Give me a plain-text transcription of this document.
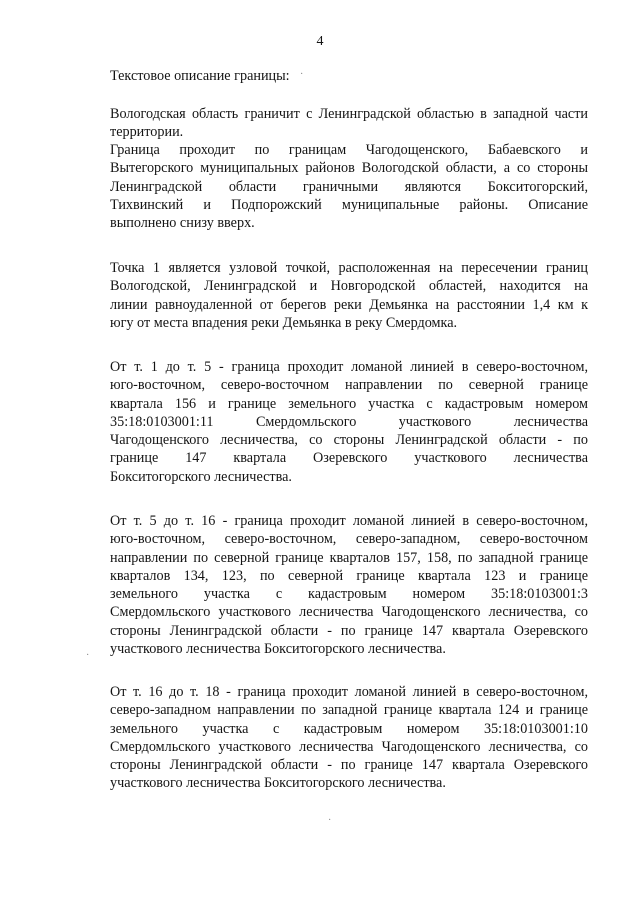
4
Текстовое описание границы:
Вологодская область граничит с Ленинградской областью в западной части
территории.
Граница проходит по границам Чагодощенского, Бабаевского и
Вытегорского муниципальных районов Вологодской области, а со стороны
Ленинградской области граничными являются Бокситогорский,
Тихвинский и Подпорожский муниципальные районы. Описание
выполнено снизу вверх.
Точка 1 является узловой точкой, расположенная на пересечении границ
Вологодской, Ленинградской и Новгородской областей, находится на
линии равноудаленной от берегов реки Демьянка на расстоянии 1,4 км к
югу от места впадения реки Демьянка в реку Смердомка.
От т. 1 до т. 5 - граница проходит ломаной линией в северо-восточном,
юго-восточном, северо-восточном направлении по северной границе
квартала 156 и границе земельного участка с кадастровым номером
35:18:0103001:11 Смердомльского участкового лесничества
Чагодощенского лесничества, со стороны Ленинградской области - по
границе 147 квартала Озеревского участкового лесничества
Бокситогорского лесничества.
От т. 5 до т. 16 - граница проходит ломаной линией в северо-восточном,
юго-восточном, северо-восточном, северо-западном, северо-восточном
направлении по северной границе кварталов 157, 158, по западной границе
кварталов 134, 123, по северной границе квартала 123 и границе
земельного участка с кадастровым номером 35:18:0103001:3
Смердомльского участкового лесничества Чагодощенского лесничества, со
стороны Ленинградской области - по границе 147 квартала Озеревского
участкового лесничества Бокситогорского лесничества.
От т. 16 до т. 18 - граница проходит ломаной линией в северо-восточном,
северо-западном направлении по западной границе квартала 124 и границе
земельного участка с кадастровым номером 35:18:0103001:10
Смердомльского участкового лесничества Чагодощенского лесничества, со
стороны Ленинградской области - по границе 147 квартала Озеревского
участкового лесничества Бокситогорского лесничества.
·
·
·
